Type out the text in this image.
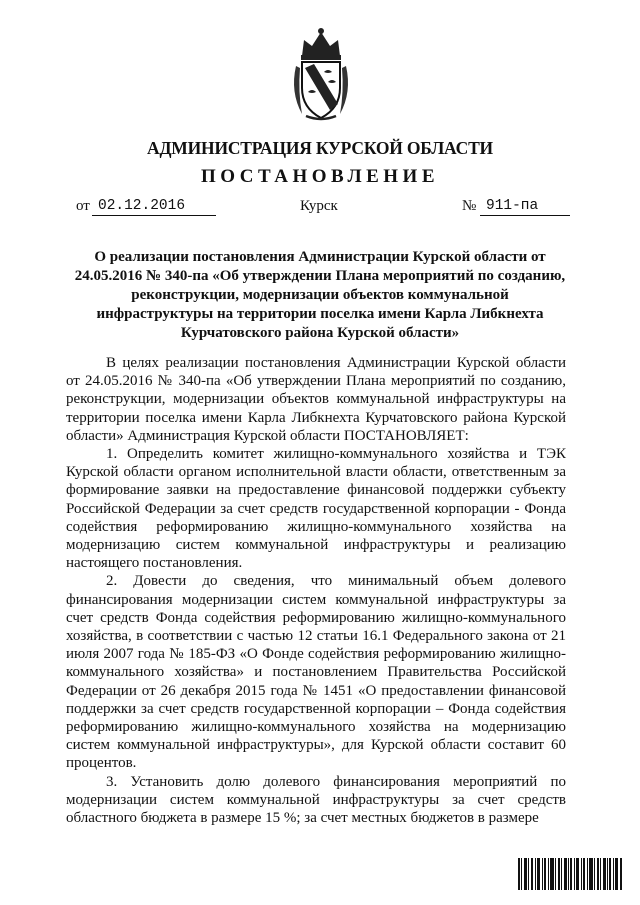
АДМИНИСТРАЦИЯ КУРСКОЙ ОБЛАСТИ
ПОСТАНОВЛЕНИЕ
от 02.12.2016	Курск	№ 911-па

О реализации постановления Администрации Курской области от 24.05.2016 № 340-па «Об утверждении Плана мероприятий по созданию, реконструкции, модернизации объектов коммунальной инфраструктуры на территории поселка имени Карла Либкнехта Курчатовского района Курской области»

В целях реализации постановления Администрации Курской области от 24.05.2016 № 340-па «Об утверждении Плана мероприятий по созданию, реконструкции, модернизации объектов коммунальной инфраструктуры на территории поселка имени Карла Либкнехта Курчатовского района Курской области» Администрация Курской области ПОСТАНОВЛЯЕТ:

1. Определить комитет жилищно-коммунального хозяйства и ТЭК Курской области органом исполнительной власти области, ответственным за формирование заявки на предоставление финансовой поддержки субъекту Российской Федерации за счет средств государственной корпорации - Фонда содействия реформированию жилищно-коммунального хозяйства на модернизацию систем коммунальной инфраструктуры и реализацию настоящего постановления.

2. Довести до сведения, что минимальный объем долевого финансирования модернизации систем коммунальной инфраструктуры за счет средств Фонда содействия реформированию жилищно-коммунального хозяйства, в соответствии с частью 12 статьи 16.1 Федерального закона от 21 июля 2007 года № 185-ФЗ «О Фонде содействия реформированию жилищно-коммунального хозяйства» и постановлением Правительства Российской Федерации от 26 декабря 2015 года № 1451 «О предоставлении финансовой поддержки за счет средств государственной корпорации – Фонда содействия реформированию жилищно-коммунального хозяйства на модернизацию систем коммунальной инфраструктуры», для Курской области составит 60 процентов.

3. Установить долю долевого финансирования мероприятий по модернизации систем коммунальной инфраструктуры за счет средств областного бюджета в размере 15 %; за счет местных бюджетов в размере
